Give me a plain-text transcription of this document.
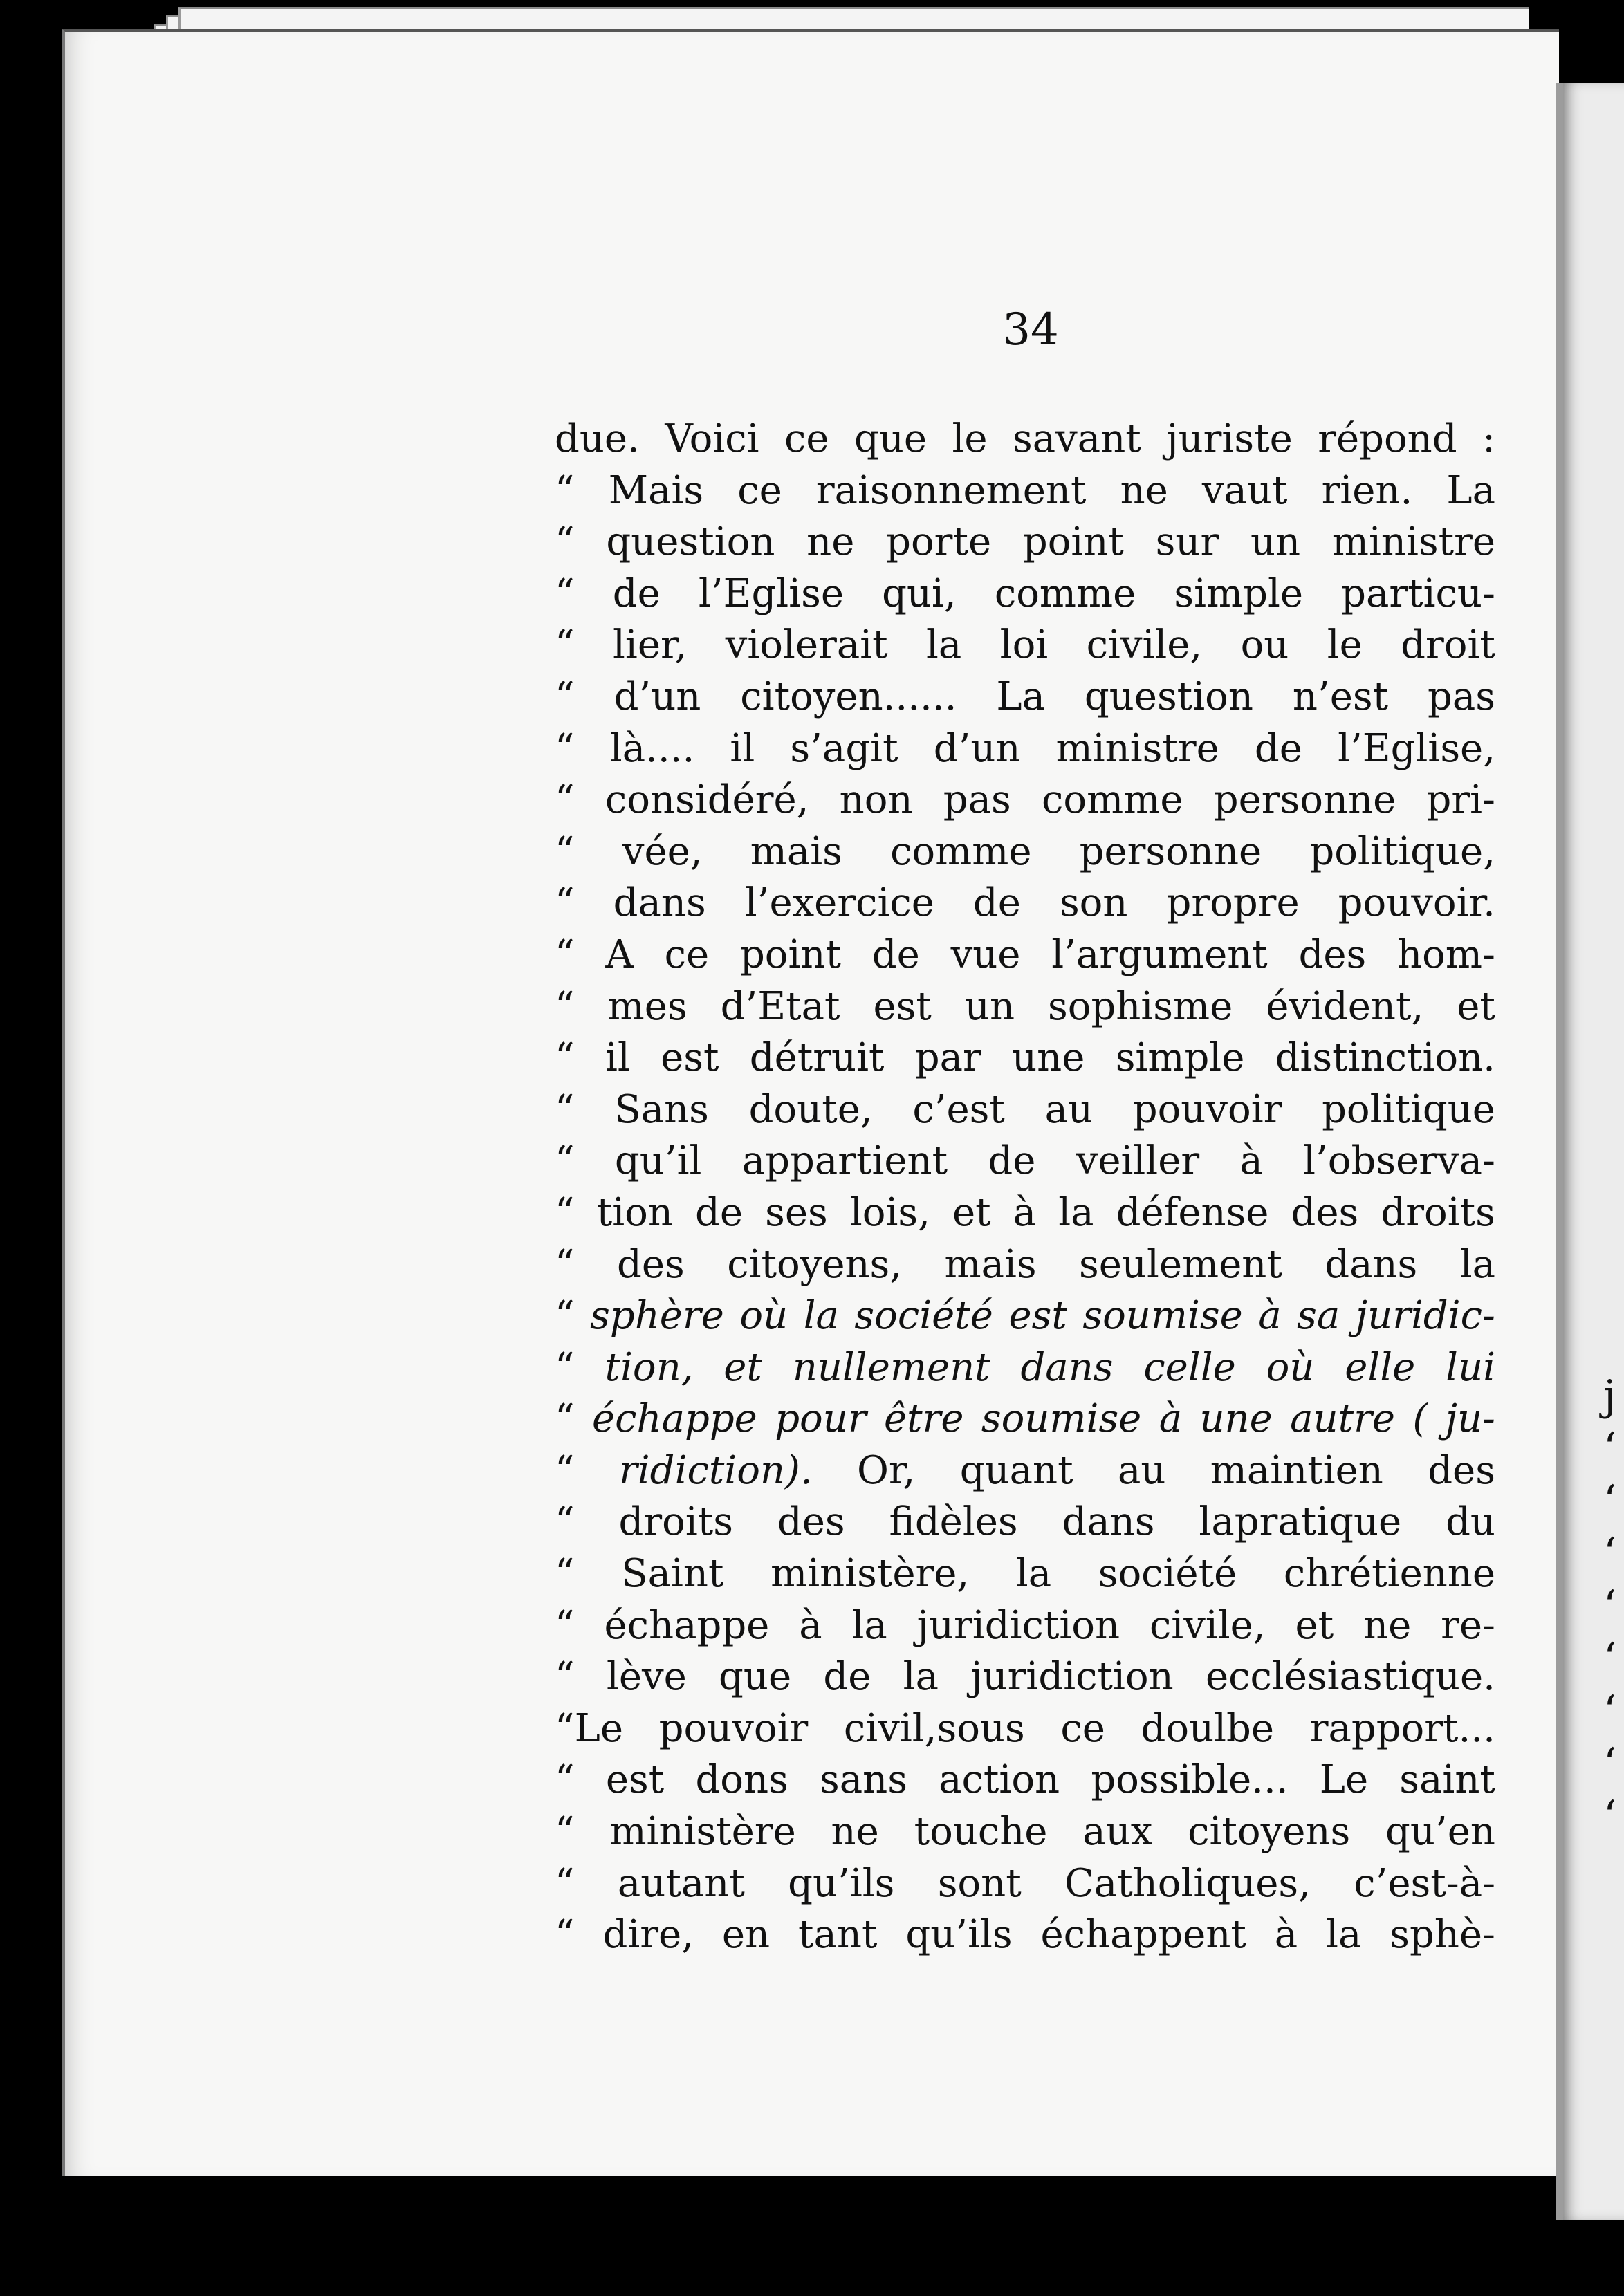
j
‘
‘
‘
‘
‘
‘
‘
‘
34
due. Voici ce que le savant juriste répond :
“ Mais ce raisonnement ne vaut rien. La
“ question ne porte point sur un ministre
“ de l’Eglise qui, comme simple particu-
“ lier, violerait la loi civile, ou le droit
“ d’un citoyen...... La question n’est pas
“ là.... il s’agit d’un ministre de l’Eglise,
“ considéré, non pas comme personne pri-
“ vée, mais comme personne politique,
“ dans l’exercice de son propre pouvoir.
“ A ce point de vue l’argument des hom-
“ mes d’Etat est un sophisme évident, et
“ il est détruit par une simple distinction.
“ Sans doute, c’est au pouvoir politique
“ qu’il appartient de veiller à l’observa-
“ tion de ses lois, et à la défense des droits
“ des citoyens, mais seulement dans la
“ sphère où la société est soumise à sa juridic-
“ tion, et nullement dans celle où elle lui
“ échappe pour être soumise à une autre ( ju-
“ ridiction). Or, quant au maintien des
“ droits des fidèles dans lapratique du
“ Saint ministère, la société chrétienne
“ échappe à la juridiction civile, et ne re-
“ lève que de la juridiction ecclésiastique.
“Le pouvoir civil,sous ce doulbe rapport...
“ est dons sans action possible... Le saint
“ ministère ne touche aux citoyens qu’en
“ autant qu’ils sont Catholiques, c’est-à-
“ dire, en tant qu’ils échappent à la sphè-
